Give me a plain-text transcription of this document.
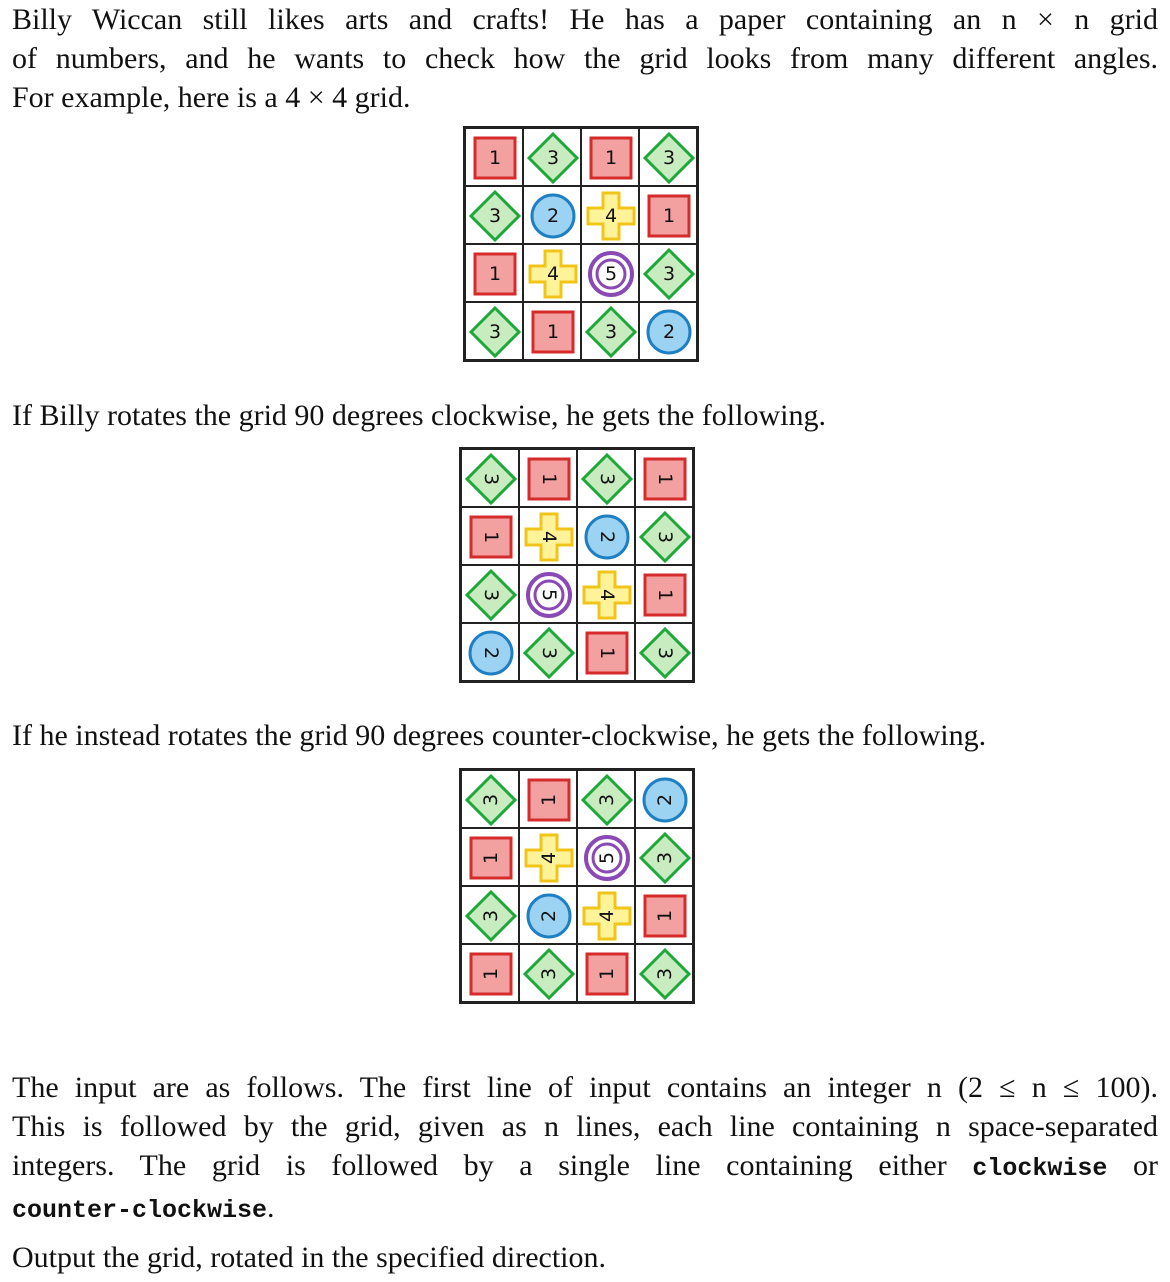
Billy Wiccan still likes arts and crafts! He has a paper containing an n × n grid
of numbers, and he wants to check how the grid looks from many different angles.
For example, here is a 4 × 4 grid.

1 3 1 3
3 2 4 1
1 4 5 3
3 1 3 2

If Billy rotates the grid 90 degrees clockwise, he gets the following.

3 1 3 1
1 4 2 3
3 5 4 1
2 3 1 3

If he instead rotates the grid 90 degrees counter-clockwise, he gets the following.

3 1 3 2
1 4 5 3
3 2 4 1
1 3 1 3

The input are as follows. The first line of input contains an integer n (2 ≤ n ≤ 100).
This is followed by the grid, given as n lines, each line containing n space-separated
integers. The grid is followed by a single line containing either clockwise or
counter-clockwise.

Output the grid, rotated in the specified direction.
